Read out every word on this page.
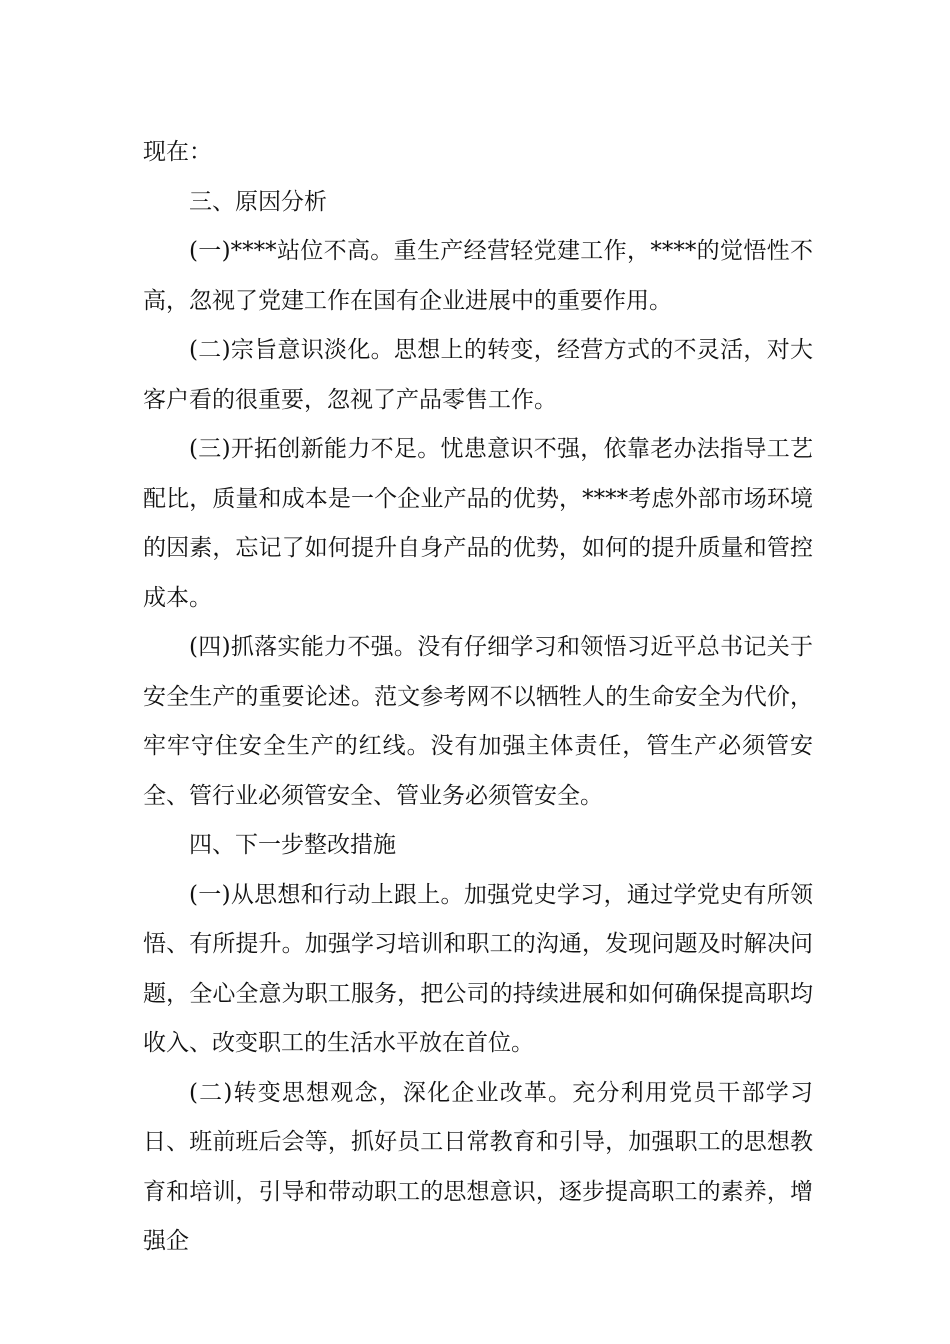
现在：

三、原因分析

(一)****站位不高。重生产经营轻党建工作，****的觉悟性不高，忽视了党建工作在国有企业进展中的重要作用。

(二)宗旨意识淡化。思想上的转变，经营方式的不灵活，对大客户看的很重要，忽视了产品零售工作。

(三)开拓创新能力不足。忧患意识不强，依靠老办法指导工艺配比，质量和成本是一个企业产品的优势，****考虑外部市场环境的因素，忘记了如何提升自身产品的优势，如何的提升质量和管控成本。

(四)抓落实能力不强。没有仔细学习和领悟习近平总书记关于安全生产的重要论述。范文参考网不以牺牲人的生命安全为代价，牢牢守住安全生产的红线。没有加强主体责任，管生产必须管安全、管行业必须管安全、管业务必须管安全。

四、下一步整改措施

(一)从思想和行动上跟上。加强党史学习，通过学党史有所领悟、有所提升。加强学习培训和职工的沟通，发现问题及时解决问题，全心全意为职工服务，把公司的持续进展和如何确保提高职均收入、改变职工的生活水平放在首位。

(二)转变思想观念，深化企业改革。充分利用党员干部学习日、班前班后会等，抓好员工日常教育和引导，加强职工的思想教育和培训，引导和带动职工的思想意识，逐步提高职工的素养，增强企
